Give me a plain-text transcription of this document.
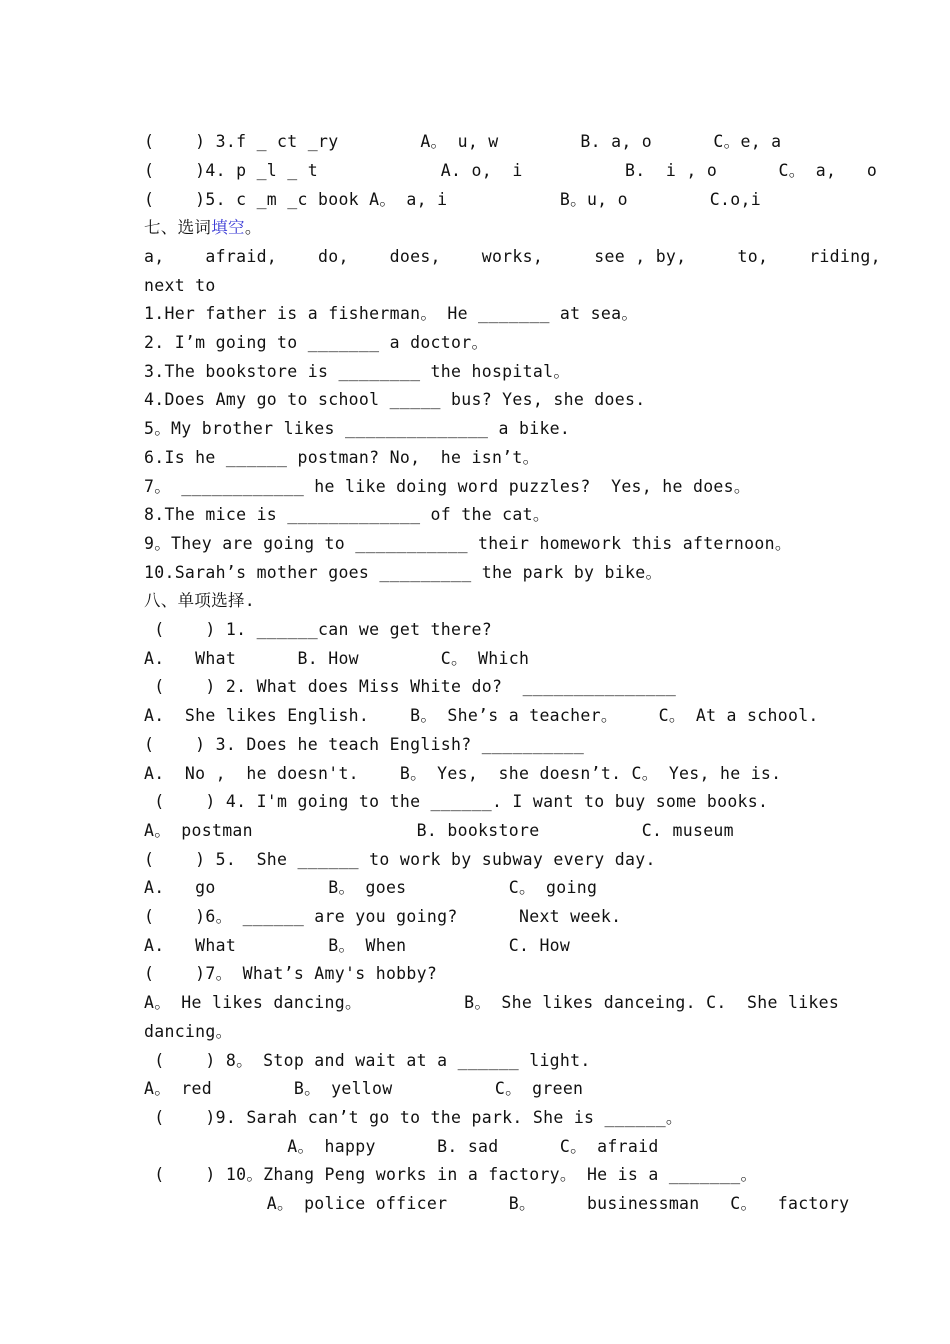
(    ) 3.f _ ct _ry        A。 u, w        B. a, o      C。e, a
(    )4. p _l _ t            A. o,  i          B.  i , o      C。 a,   o
(    )5. c _m _c book A。 a, i           B。u, o        C.o,i
七、选词填空。
a,    afraid,    do,    does,    works,     see , by,     to,    riding,
next to
1.Her father is a fisherman。 He _______ at sea。
2. I’m going to _______ a doctor。
3.The bookstore is ________ the hospital。
4.Does Amy go to school _____ bus? Yes, she does.
5。My brother likes ______________ a bike.
6.Is he ______ postman? No,  he isn’t。
7。 ____________ he like doing word puzzles?  Yes, he does。
8.The mice is _____________ of the cat。
9。They are going to ___________ their homework this afternoon。
10.Sarah’s mother goes _________ the park by bike。
八、单项选择.
(    ) 1. ______can we get there?
A.   What      B. How        C。 Which
(    ) 2. What does Miss White do?  _______________
A.  She likes English.    B。 She’s a teacher。    C。 At a school.
(    ) 3. Does he teach English? __________
A.  No ,  he doesn't.    B。 Yes,  she doesn’t. C。 Yes, he is.
(    ) 4. I'm going to the ______. I want to buy some books.
A。 postman                B. bookstore          C. museum
(    ) 5.  She ______ to work by subway every day.
A.   go           B。 goes          C。 going
(    )6。 ______ are you going?      Next week.
A.   What         B。 When          C. How
(    )7。 What’s Amy's hobby?
A。 He likes dancing。          B。 She likes danceing. C.  She likes
dancing。
(    ) 8。 Stop and wait at a ______ light.
A。 red        B。 yellow          C。 green
(    )9. Sarah can’t go to the park. She is ______。
A。 happy      B. sad      C。 afraid
(    ) 10。Zhang Peng works in a factory。 He is a _______。
A。 police officer      B。     businessman   C。  factory
